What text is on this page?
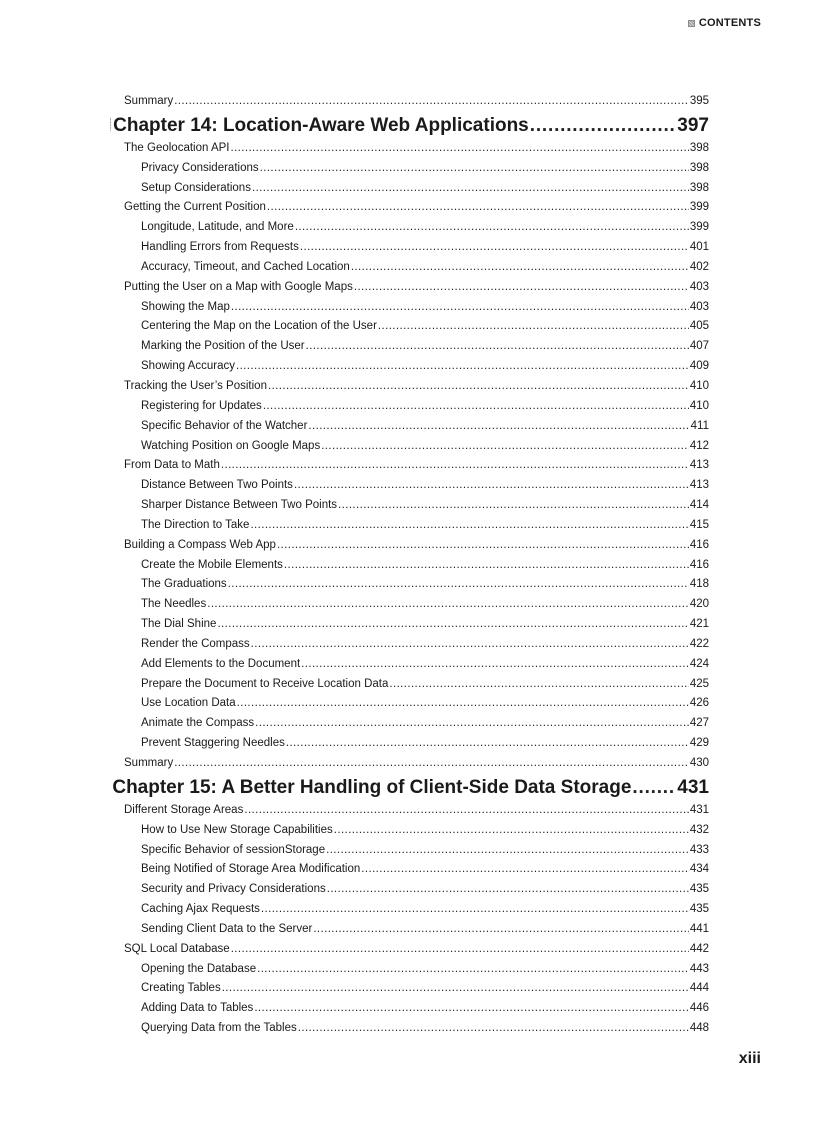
CONTENTS
Summary .....	395
Chapter 14: Location-Aware Web Applications .....	397
The Geolocation API .....	398
Privacy Considerations .....	398
Setup Considerations .....	398
Getting the Current Position .....	399
Longitude, Latitude, and More .....	399
Handling Errors from Requests .....	401
Accuracy, Timeout, and Cached Location .....	402
Putting the User on a Map with Google Maps .....	403
Showing the Map .....	403
Centering the Map on the Location of the User .....	405
Marking the Position of the User .....	407
Showing Accuracy .....	409
Tracking the User’s Position .....	410
Registering for Updates .....	410
Specific Behavior of the Watcher .....	411
Watching Position on Google Maps .....	412
From Data to Math .....	413
Distance Between Two Points .....	413
Sharper Distance Between Two Points .....	414
The Direction to Take .....	415
Building a Compass Web App .....	416
Create the Mobile Elements .....	416
The Graduations .....	418
The Needles .....	420
The Dial Shine .....	421
Render the Compass .....	422
Add Elements to the Document .....	424
Prepare the Document to Receive Location Data .....	425
Use Location Data .....	426
Animate the Compass .....	427
Prevent Staggering Needles .....	429
Summary .....	430
Chapter 15: A Better Handling of Client-Side Data Storage ..... 431
Different Storage Areas .....	431
How to Use New Storage Capabilities .....	432
Specific Behavior of sessionStorage .....	433
Being Notified of Storage Area Modification .....	434
Security and Privacy Considerations .....	435
Caching Ajax Requests .....	435
Sending Client Data to the Server .....	441
SQL Local Database .....	442
Opening the Database .....	443
Creating Tables .....	444
Adding Data to Tables .....	446
Querying Data from the Tables .....	448
xiii
